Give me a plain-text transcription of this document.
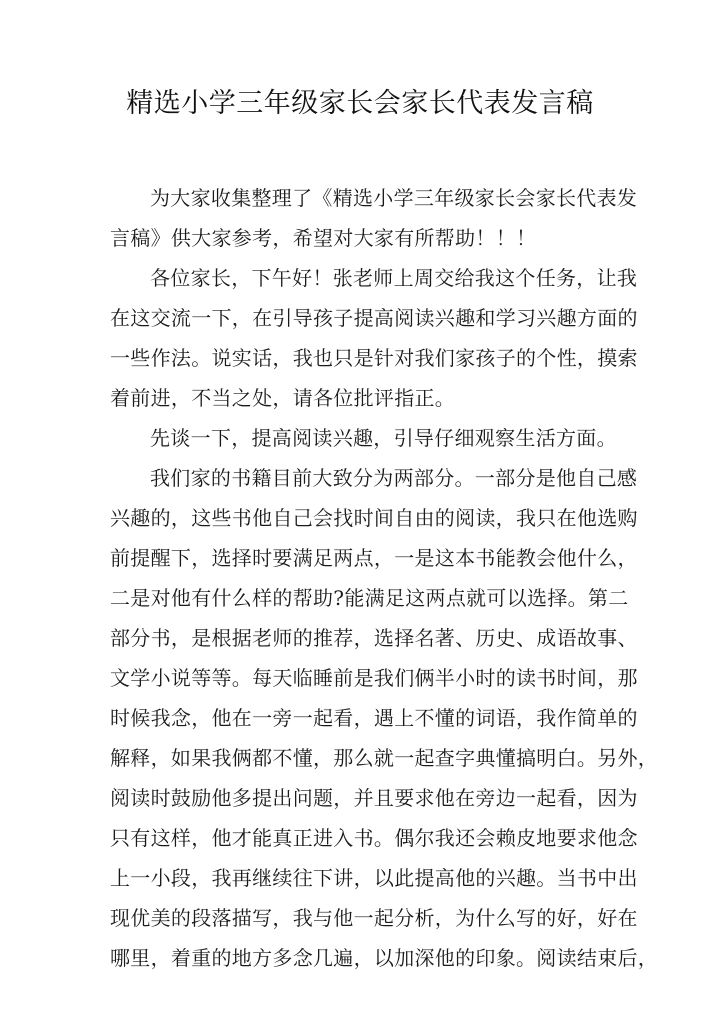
精选小学三年级家长会家长代表发言稿
为大家收集整理了《精选小学三年级家长会家长代表发
言稿》供大家参考，希望对大家有所帮助！！！
各位家长，下午好！张老师上周交给我这个任务，让我
在这交流一下，在引导孩子提高阅读兴趣和学习兴趣方面的
一些作法。说实话，我也只是针对我们家孩子的个性，摸索
着前进，不当之处，请各位批评指正。
先谈一下，提高阅读兴趣，引导仔细观察生活方面。
我们家的书籍目前大致分为两部分。一部分是他自己感
兴趣的，这些书他自己会找时间自由的阅读，我只在他选购
前提醒下，选择时要满足两点，一是这本书能教会他什么，
二是对他有什么样的帮助?能满足这两点就可以选择。第二
部分书，是根据老师的推荐，选择名著、历史、成语故事、
文学小说等等。每天临睡前是我们俩半小时的读书时间，那
时候我念，他在一旁一起看，遇上不懂的词语，我作简单的
解释，如果我俩都不懂，那么就一起查字典懂搞明白。另外，
阅读时鼓励他多提出问题，并且要求他在旁边一起看，因为
只有这样，他才能真正进入书。偶尔我还会赖皮地要求他念
上一小段，我再继续往下讲，以此提高他的兴趣。当书中出
现优美的段落描写，我与他一起分析，为什么写的好，好在
哪里，着重的地方多念几遍，以加深他的印象。阅读结束后，
